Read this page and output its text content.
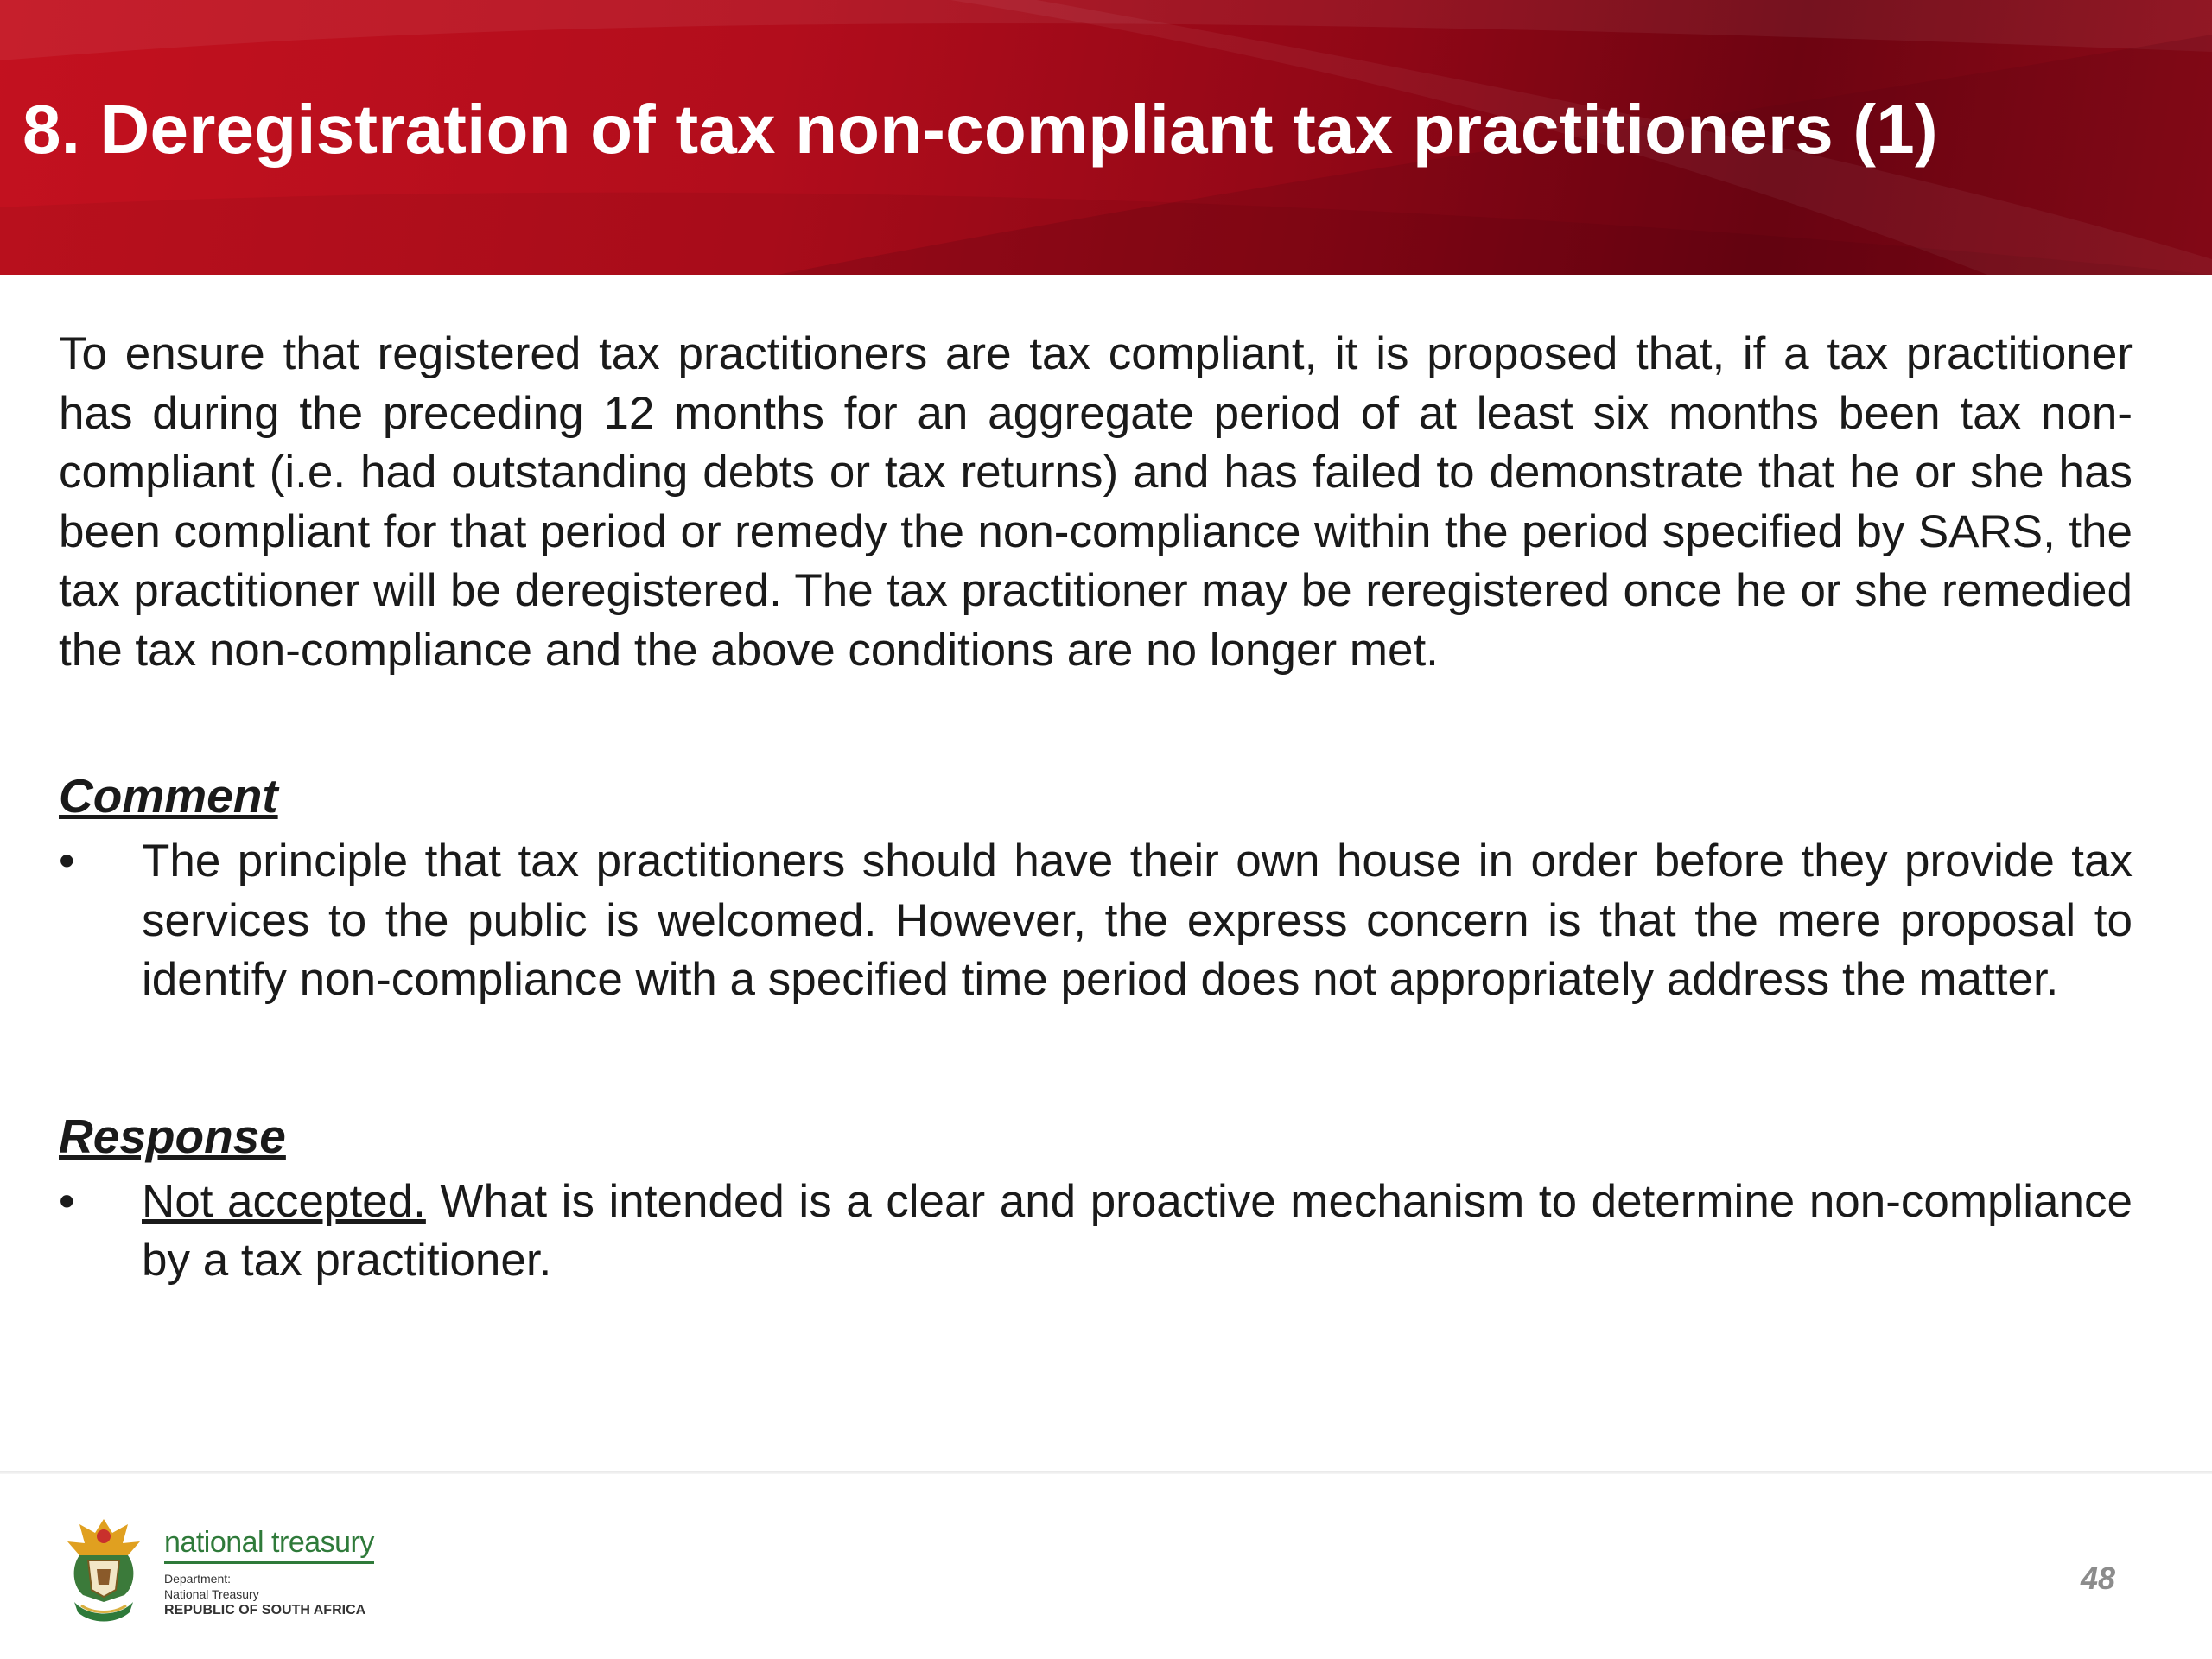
8. Deregistration of tax non-compliant tax practitioners (1)

To ensure that registered tax practitioners are tax compliant, it is proposed that, if a tax practitioner has during the preceding 12 months for an aggregate period of at least six months been tax non-compliant (i.e. had outstanding debts or tax returns) and has failed to demonstrate that he or she has been compliant for that period or remedy the non-compliance within the period specified by SARS, the tax practitioner will be deregistered. The tax practitioner may be reregistered once he or she remedied the tax non-compliance and the above conditions are no longer met.

Comment
• The principle that tax practitioners should have their own house in order before they provide tax services to the public is welcomed. However, the express concern is that the mere proposal to identify non-compliance with a specified time period does not appropriately address the matter.
Response
• Not accepted. What is intended is a clear and proactive mechanism to determine non-compliance by a tax practitioner.
national treasury
Department:
National Treasury
REPUBLIC OF SOUTH AFRICA
48
